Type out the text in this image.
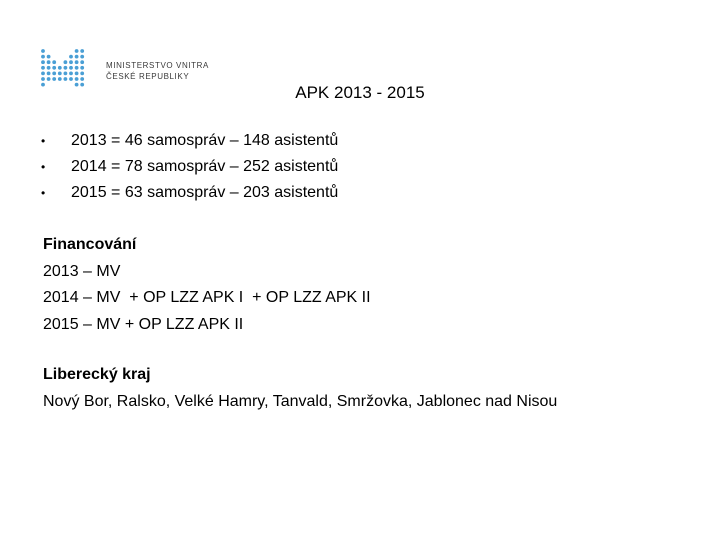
MINISTERSTVO VNITRA
ČESKÉ REPUBLIKY
APK 2013 - 2015
• 2013 = 46 samospráv – 148 asistentů
• 2014 = 78 samospráv – 252 asistentů
• 2015 = 63 samospráv – 203 asistentů
Financování
2013 – MV
2014 – MV  + OP LZZ APK I  + OP LZZ APK II
2015 – MV + OP LZZ APK II
Liberecký kraj
Nový Bor, Ralsko, Velké Hamry, Tanvald, Smržovka, Jablonec nad Nisou
